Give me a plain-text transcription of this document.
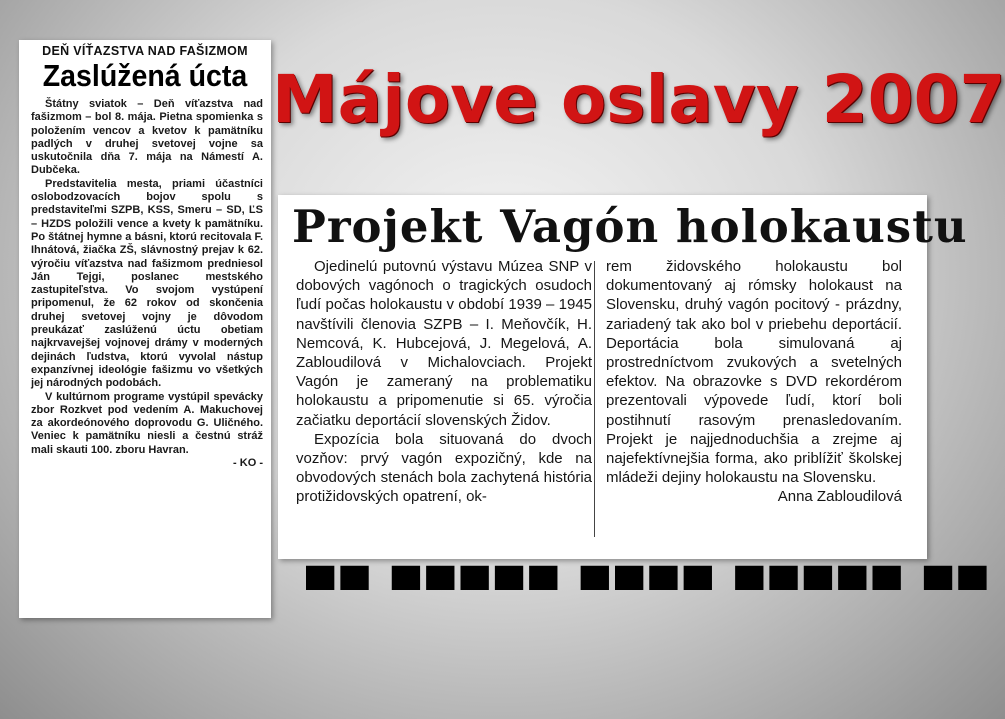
Májove oslavy 2007
DEŇ VÍŤAZSTVA NAD FAŠIZMOM
Zaslúžená úcta

Štátny sviatok – Deň víťazstva nad fašizmom – bol 8. mája. Pietna spomienka s položením vencov a kvetov k pamätníku padlých v druhej svetovej vojne sa uskutočnila dňa 7. mája na Námestí A. Dubčeka.

Predstavitelia mesta, priami účastníci oslobodzovacích bojov spolu s predstaviteľmi SZPB, KSS, Smeru – SD, ĽS – HZDS položili vence a kvety k pamätníku. Po štátnej hymne a básni, ktorú recitovala F. Ihnátová, žiačka ZŠ, slávnostný prejav k 62. výročiu víťazstva nad fašizmom predniesol Ján Tejgi, poslanec mestského zastupiteľstva. Vo svojom vystúpení pripomenul, že 62 rokov od skončenia druhej svetovej vojny je dôvodom preukázať zaslúženú úctu obetiam najkrvavejšej vojnovej drámy v moderných dejinách ľudstva, ktorú vyvolal nástup expanzívnej ideológie fašizmu vo všetkých jej národných podobách.

V kultúrnom programe vystúpil spevácky zbor Rozkvet pod vedením A. Makuchovej za akordeónového doprovodu G. Uličného. Veniec k pamätníku niesli a čestnú stráž mali skauti 100. zboru Havran.

- KO -
Projekt Vagón holokaustu

Ojedinelú putovnú výstavu Múzea SNP v dobových vagónoch o tragických osudoch ľudí počas holokaustu v období 1939 – 1945 navštívili členovia SZPB – I. Meňovčík, H. Nemcová, K. Hubcejová, J. Megelová, A. Zabloudilová v Michalovciach. Projekt Vagón je zameraný na problematiku holokaustu a pripomenutie si 65. výročia začiatku deportácií slovenských Židov.

Expozícia bola situovaná do dvoch vozňov: prvý vagón expozičný, kde na obvodových stenách bola zachytená história protižidovských opatrení, ok-

rem židovského holokaustu bol dokumentovaný aj rómsky holokaust na Slovensku, druhý vagón pocitový - prázdny, zariadený tak ako bol v priebehu deportácií. Deportácia bola simulovaná aj prostredníctvom zvukových a svetelných efektov. Na obrazovke s DVD rekordérom prezentovali výpovede ľudí, ktorí boli postihnutí rasovým prenasledovaním. Projekt je najjednoduchšia a zrejme aj najefektívnejšia forma, ako priblížiť školskej mládeži dejiny holokaustu na Slovensku.

Anna Zabloudilová
▄▄ ▄▄▄▄▄ ▄▄▄▄ ▄▄▄▄▄ ▄▄
